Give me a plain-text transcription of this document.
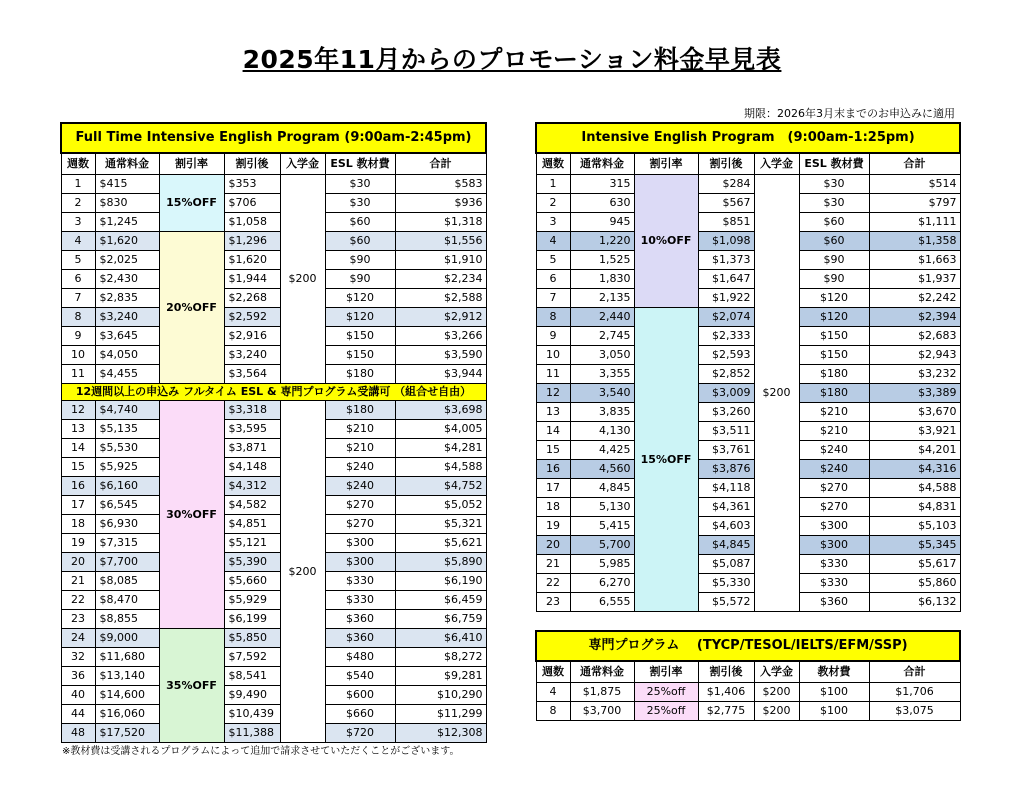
2025年11月からのプロモーション料金早見表
期限：2026年3月末までのお申込みに適用
Full Time Intensive English Program (9:00am-2:45pm)						
週数	通常料金	割引率	割引後	入学金	ESL 教材費	合計
1	$415	15%OFF	$353	$200	$30	$583
2	$830		$706		$30	$936
3	$1,245		$1,058		$60	$1,318
4	$1,620	20%OFF	$1,296		$60	$1,556
5	$2,025		$1,620		$90	$1,910
6	$2,430		$1,944		$90	$2,234
7	$2,835		$2,268		$120	$2,588
8	$3,240		$2,592		$120	$2,912
9	$3,645		$2,916		$150	$3,266
10	$4,050		$3,240		$150	$3,590
11	$4,455		$3,564		$180	$3,944
12週間以上の申込み フルタイム ESL & 専門プログラム受講可 （組合せ自由）						
12	$4,740	30%OFF	$3,318	$200	$180	$3,698
13	$5,135		$3,595		$210	$4,005
14	$5,530		$3,871		$210	$4,281
15	$5,925		$4,148		$240	$4,588
16	$6,160		$4,312		$240	$4,752
17	$6,545		$4,582		$270	$5,052
18	$6,930		$4,851		$270	$5,321
19	$7,315		$5,121		$300	$5,621
20	$7,700		$5,390		$300	$5,890
21	$8,085		$5,660		$330	$6,190
22	$8,470		$5,929		$330	$6,459
23	$8,855		$6,199		$360	$6,759
24	$9,000	35%OFF	$5,850		$360	$6,410
32	$11,680		$7,592		$480	$8,272
36	$13,140		$8,541		$540	$9,281
40	$14,600		$9,490		$600	$10,290
44	$16,060		$10,439		$660	$11,299
48	$17,520		$11,388		$720	$12,308
Intensive English Program　(9:00am-1:25pm)						
週数	通常料金	割引率	割引後	入学金	ESL 教材費	合計
1	315	10%OFF	$284	$200	$30	$514
2	630		$567		$30	$797
3	945		$851		$60	$1,111
4	1,220		$1,098		$60	$1,358
5	1,525		$1,373		$90	$1,663
6	1,830		$1,647		$90	$1,937
7	2,135		$1,922		$120	$2,242
8	2,440	15%OFF	$2,074		$120	$2,394
9	2,745		$2,333		$150	$2,683
10	3,050		$2,593		$150	$2,943
11	3,355		$2,852		$180	$3,232
12	3,540		$3,009		$180	$3,389
13	3,835		$3,260		$210	$3,670
14	4,130		$3,511		$210	$3,921
15	4,425		$3,761		$240	$4,201
16	4,560		$3,876		$240	$4,316
17	4,845		$4,118		$270	$4,588
18	5,130		$4,361		$270	$4,831
19	5,415		$4,603		$300	$5,103
20	5,700		$4,845		$300	$5,345
21	5,985		$5,087		$330	$5,617
22	6,270		$5,330		$330	$5,860
23	6,555		$5,572		$360	$6,132
専門プログラム　 (TYCP/TESOL/IELTS/EFM/SSP)						
週数	通常料金	割引率	割引後	入学金	教材費	合計
4	$1,875	25%off	$1,406	$200	$100	$1,706
8	$3,700	25%off	$2,775	$200	$100	$3,075
※教材費は受講されるプログラムによって追加で請求させていただくことがございます。
